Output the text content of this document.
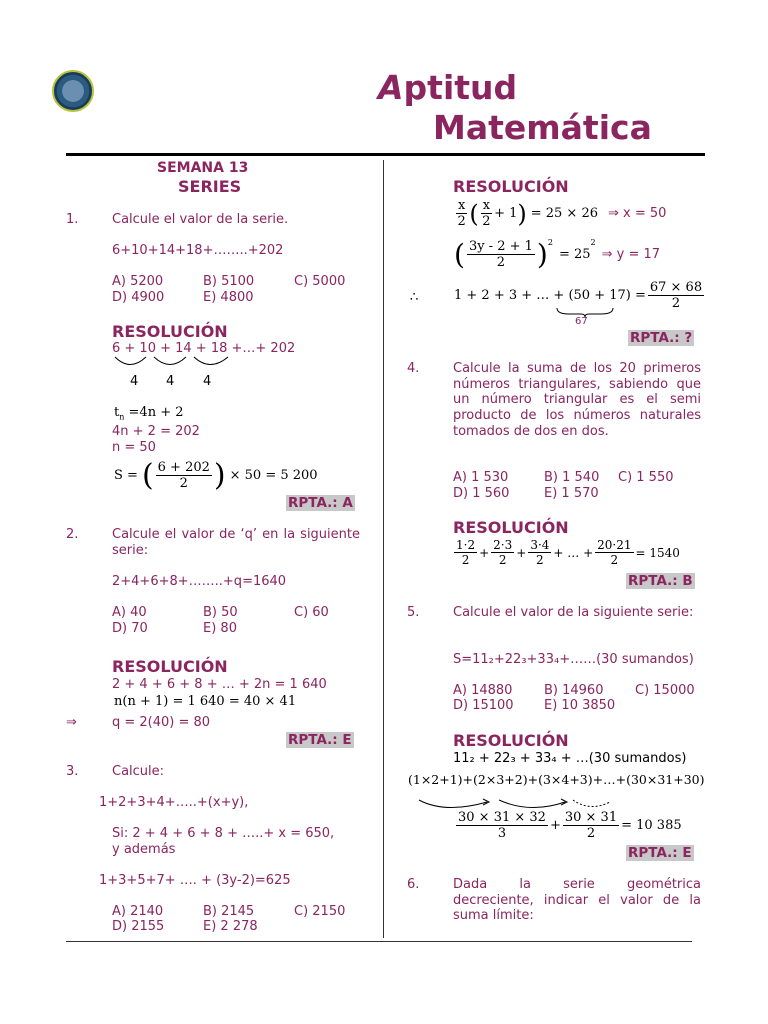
Aptitud
Matemática
SEMANA 13
SERIES
1.	Calcule el valor de la serie.
6+10+14+18+……..+202
A) 5200	B) 5100	C) 5000
D) 4900	E) 4800
RESOLUCIÓN
6 + 10 + 14 + 18 +…+ 202
4 4 4
$t_n =4n + 2$
4n + 2 = 202
n = 50
S = ( $\frac{6 + 202}{2}$ ) × 50 = 5 200
RPTA.: A
2.	Calcule el valor de ‘q’ en la siguiente serie:
2+4+6+8+……..+q=1640
A) 40	B) 50	C) 60
D) 70	E) 80
RESOLUCIÓN
2 + 4 + 6 + 8 + … + 2n = 1 640
n(n + 1) = 1 640 = 40 × 41
⇒	q = 2(40) = 80
RPTA.: E
3.	Calcule:
1+2+3+4+…..+(x+y),
Si: 2 + 4 + 6 + 8 + …..+ x = 650,
y además
1+3+5+7+ …. + (3y-2)=625
A) 2140	B) 2145	C) 2150
D) 2155	E) 2 278
RESOLUCIÓN
$\frac{x}{2}$ ( $\frac{x}{2} + 1$ ) = 25 × 26 ⇒ x = 50
( $\frac{3y - 2 + 1}{2} )^2$
= 25
2
⇒ y = 17
∴	1 + 2 + 3 + … + $(50 + 17) = \frac{67 \times 68}{2}$
67
RPTA.: ?
4.	Calcule la suma de los 20 primeros números triangulares, sabiendo que un número triangular es el semi producto de los números naturales tomados de dos en dos.
A) 1 530	B) 1 540 C) 1 550
D) 1 560	E) 1 570
RESOLUCIÓN
$\frac{1\cdot 2}{2} + \frac{2\cdot 3}{2} + \frac{3\cdot 4}{2}$ + … + $\frac{20\cdot 21}{2} = 1540$
RPTA.: B
5.	Calcule el valor de la siguiente serie:
S=11₂+22₃+33₄+……(30 sumandos)
A) 14880 B) 14960 C) 15000
D) 15100 E) 10 3850
RESOLUCIÓN
11₂ + 22₃ + 33₄ + …(30 sumandos)
(1×2+1)+(2×3+2)+(3×4+3)+…+(30×31+30)
$\frac{30 \times 31 \times 32}{3} + \frac{30 \times 31}{2} = 10$ 385
RPTA.: E
6.	Dada la serie geométrica decreciente, indicar el valor de la suma límite:
